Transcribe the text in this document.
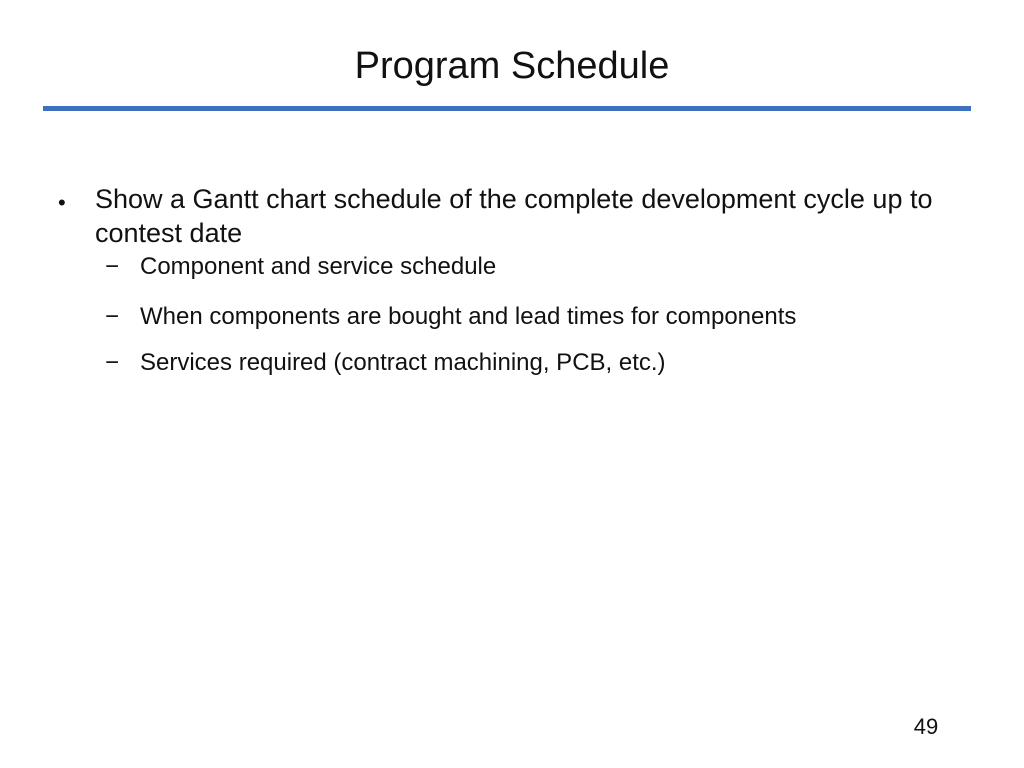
Program Schedule
• Show a Gantt chart schedule of the complete development cycle up to contest date
− Component and service schedule
− When components are bought and lead times for components
− Services required (contract machining, PCB, etc.)
49
